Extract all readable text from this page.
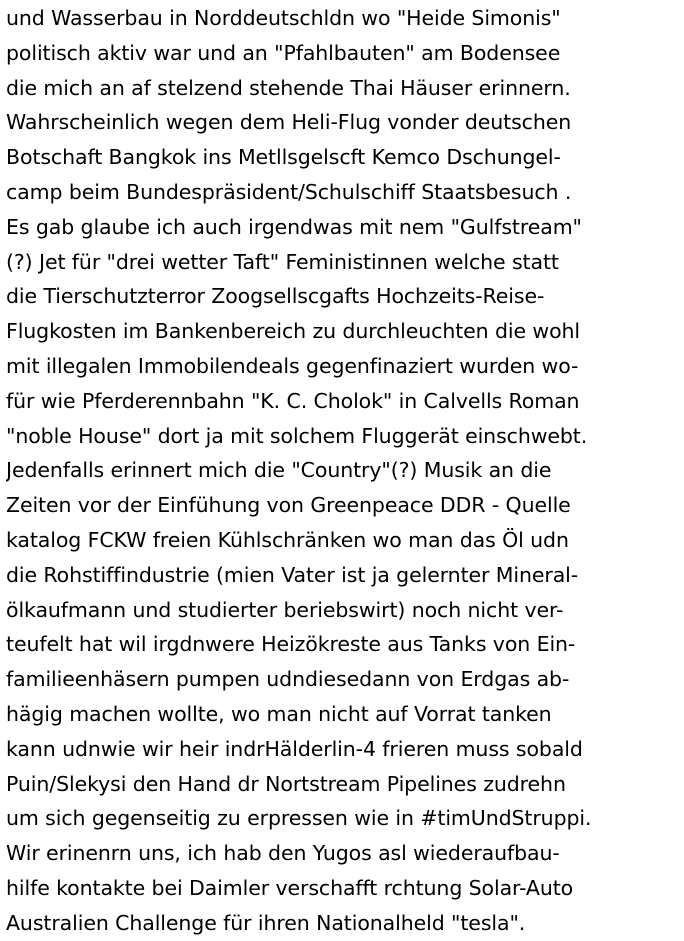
und Wasserbau in Norddeutschldn wo "Heide Simonis"
politisch aktiv war und an "Pfahlbauten" am Bodensee
die mich an af stelzend stehende Thai Häuser erinnern.
Wahrscheinlich wegen dem Heli-Flug vonder deutschen
Botschaft Bangkok ins Metllsgelscft Kemco Dschungel-
camp beim Bundespräsident/Schulschiff Staatsbesuch .
Es gab glaube ich auch irgendwas mit nem "Gulfstream"
(?) Jet für "drei wetter Taft" Feministinnen welche statt
die Tierschutzterror Zoogsellscgafts Hochzeits-Reise-
Flugkosten im Bankenbereich zu durchleuchten die wohl
mit illegalen Immobilendeals gegenfinaziert wurden wo-
für wie Pferderennbahn "K. C. Cholok" in Calvells Roman
"noble House" dort ja mit solchem Fluggerät einschwebt.
Jedenfalls erinnert mich die "Country"(?) Musik an die
Zeiten vor der Einfühung von Greenpeace DDR - Quelle
katalog FCKW freien Kühlschränken wo man das Öl udn
die Rohstiffindustrie (mien Vater ist ja gelernter Mineral-
ölkaufmann und studierter beriebswirt) noch nicht ver-
teufelt hat wil irgdnwere Heizökreste aus Tanks von Ein-
familieenhäsern pumpen udndiesedann von Erdgas ab-
hägig machen wollte, wo man nicht auf Vorrat tanken
kann udnwie wir heir indrHälderlin-4 frieren muss sobald
Puin/Slekysi den Hand dr Nortstream Pipelines zudrehn
um sich gegenseitig zu erpressen wie in #timUndStruppi.
Wir erinenrn uns, ich hab den Yugos asl wiederaufbau-
hilfe kontakte bei Daimler verschafft rchtung Solar-Auto
Australien Challenge für ihren Nationalheld "tesla".
